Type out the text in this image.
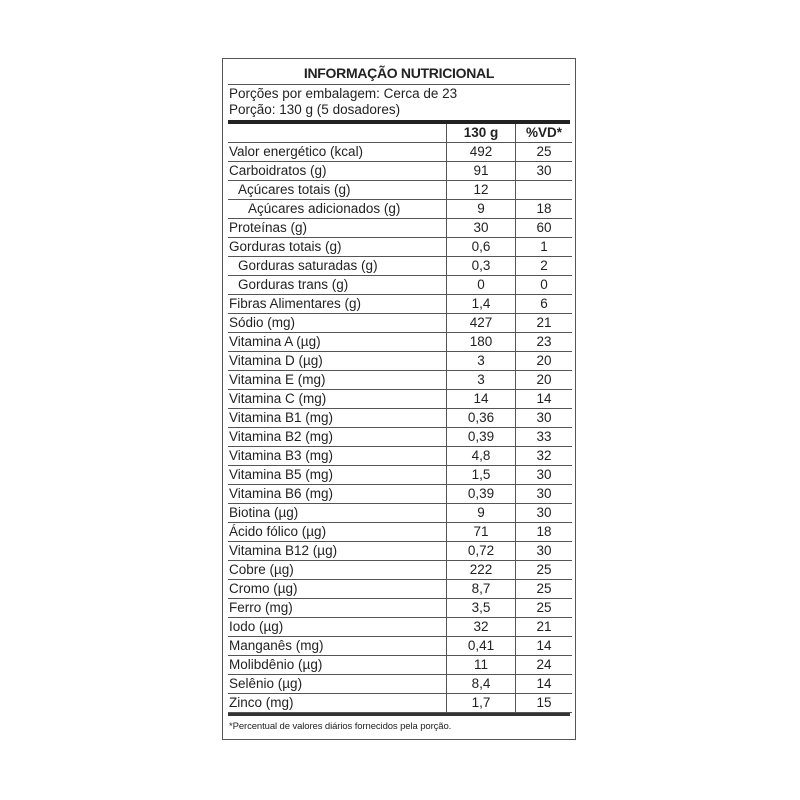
INFORMAÇÃO NUTRICIONAL
Porções por embalagem: Cerca de 23
Porção: 130 g (5 dosadores)
	130 g	%VD*
Valor energético (kcal)	492	25
Carboidratos (g)	91	30
Açúcares totais (g)	12	
Açúcares adicionados (g)	9	18
Proteínas (g)	30	60
Gorduras totais (g)	0,6	1
Gorduras saturadas (g)	0,3	2
Gorduras trans (g)	0	0
Fibras Alimentares (g)	1,4	6
Sódio (mg)	427	21
Vitamina A (µg)	180	23
Vitamina D (µg)	3	20
Vitamina E (mg)	3	20
Vitamina C (mg)	14	14
Vitamina B1 (mg)	0,36	30
Vitamina B2 (mg)	0,39	33
Vitamina B3 (mg)	4,8	32
Vitamina B5 (mg)	1,5	30
Vitamina B6 (mg)	0,39	30
Biotina (µg)	9	30
Ácido fólico (µg)	71	18
Vitamina B12 (µg)	0,72	30
Cobre (µg)	222	25
Cromo (µg)	8,7	25
Ferro (mg)	3,5	25
Iodo (µg)	32	21
Manganês (mg)	0,41	14
Molibdênio (µg)	11	24
Selênio (µg)	8,4	14
Zinco (mg)	1,7	15
*Percentual de valores diários fornecidos pela porção.
